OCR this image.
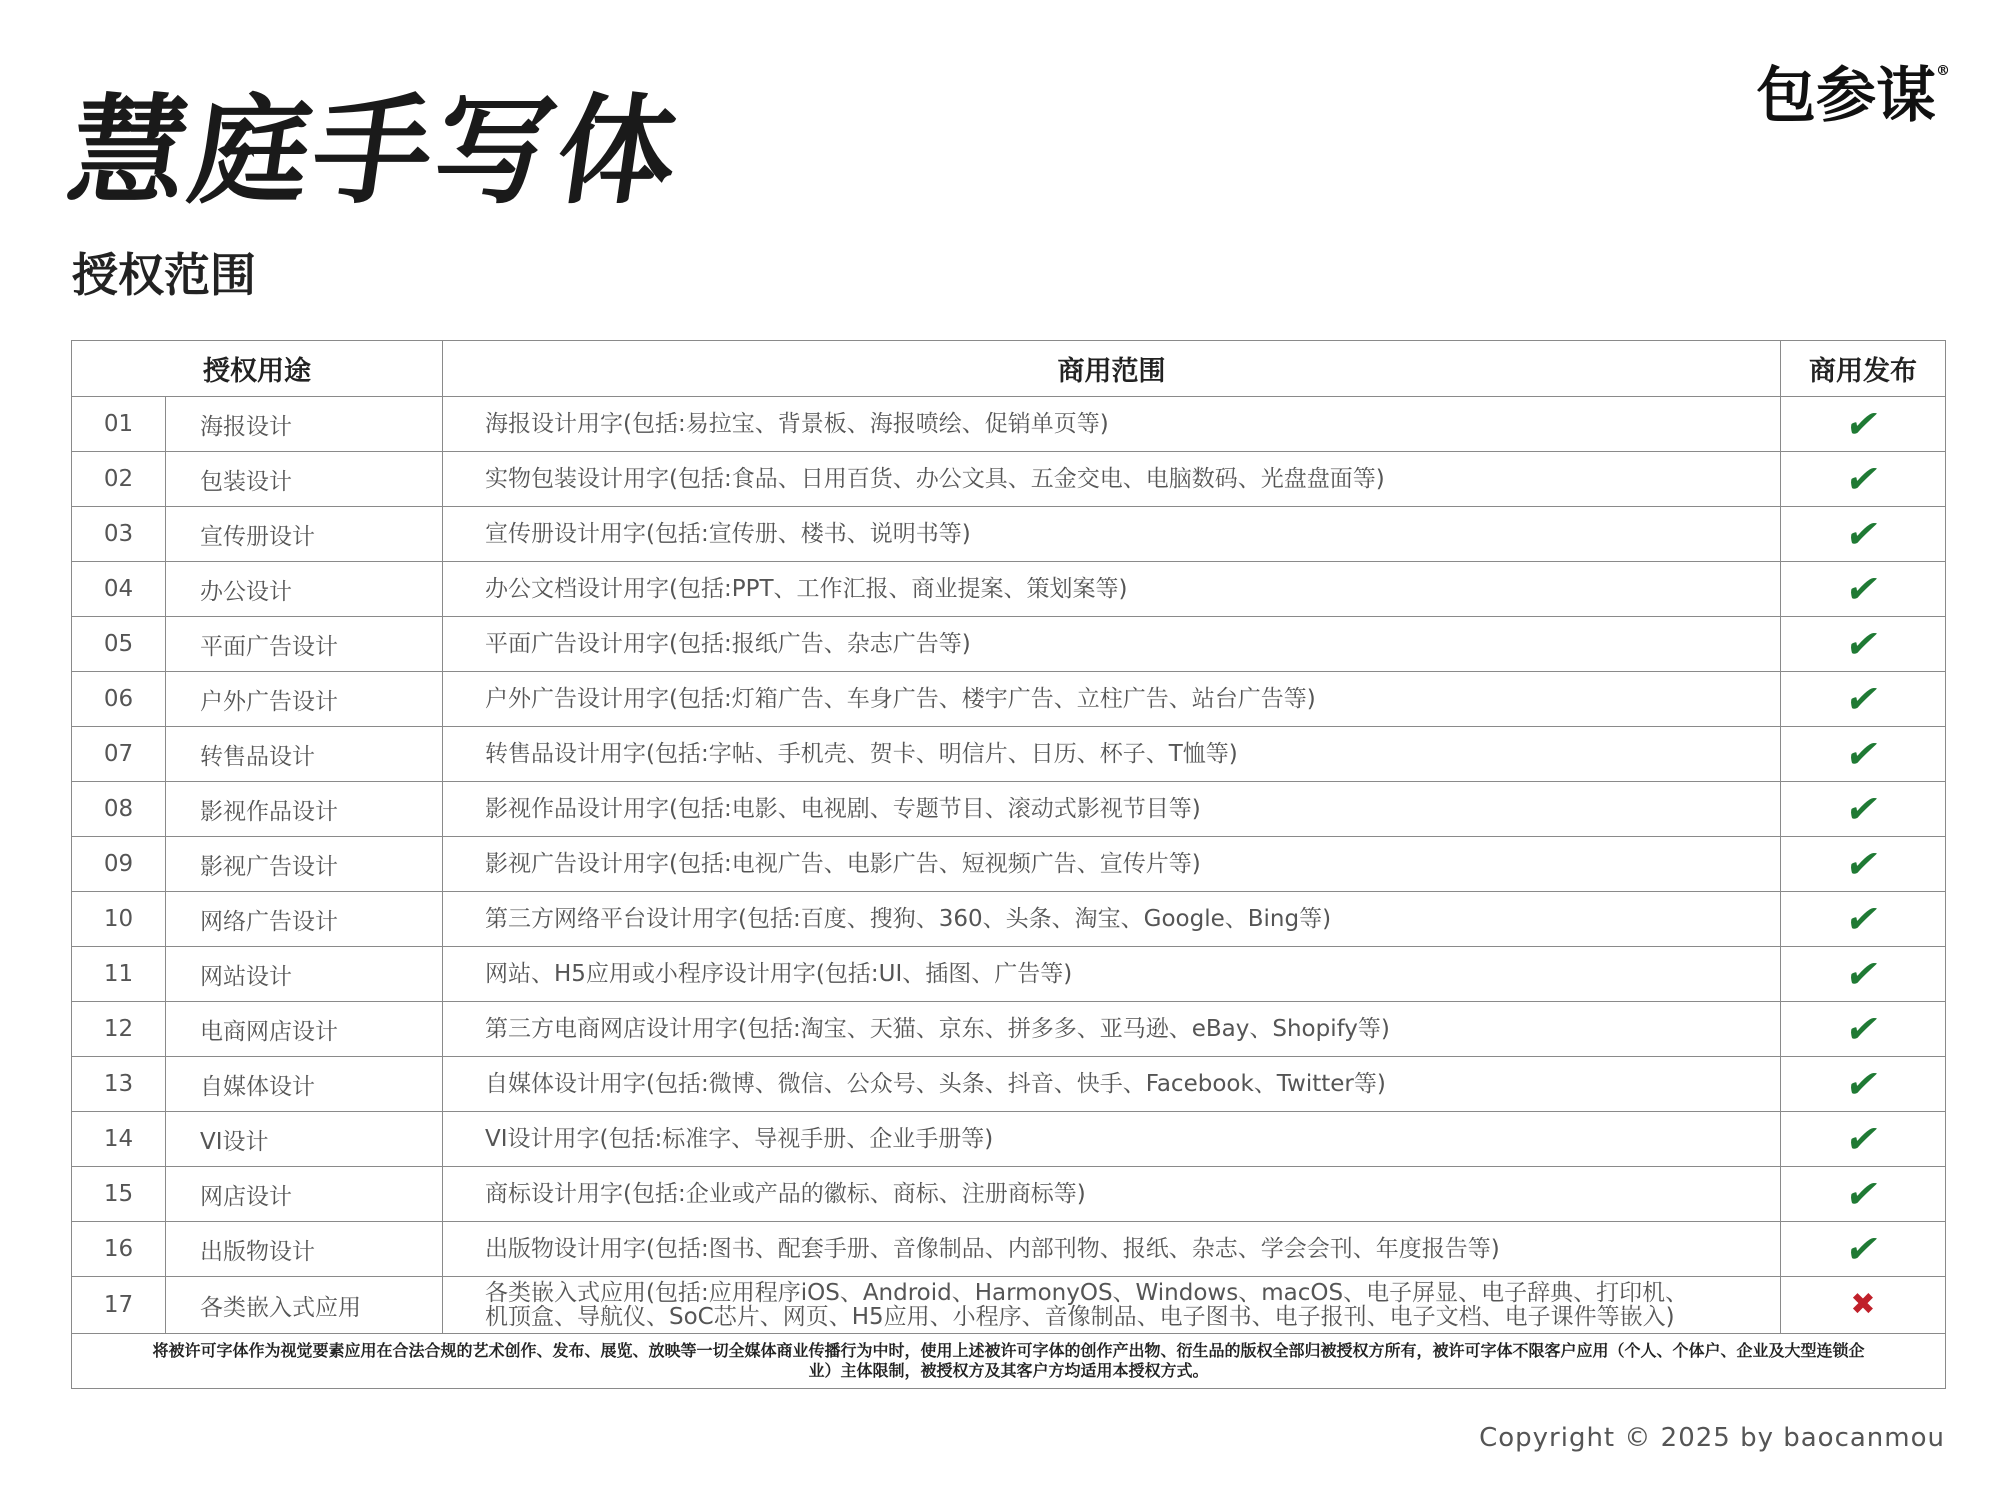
慧庭手写体	包参谋®
授权范围
授权用途		商用范围	商用发布
01	海报设计	海报设计用字(包括:易拉宝、背景板、海报喷绘、促销单页等)	✔
02	包装设计	实物包装设计用字(包括:食品、日用百货、办公文具、五金交电、电脑数码、光盘盘面等)	✔
03	宣传册设计	宣传册设计用字(包括:宣传册、楼书、说明书等)	✔
04	办公设计	办公文档设计用字(包括:PPT、工作汇报、商业提案、策划案等)	✔
05	平面广告设计	平面广告设计用字(包括:报纸广告、杂志广告等)	✔
06	户外广告设计	户外广告设计用字(包括:灯箱广告、车身广告、楼宇广告、立柱广告、站台广告等)	✔
07	转售品设计	转售品设计用字(包括:字帖、手机壳、贺卡、明信片、日历、杯子、T恤等)	✔
08	影视作品设计	影视作品设计用字(包括:电影、电视剧、专题节目、滚动式影视节目等)	✔
09	影视广告设计	影视广告设计用字(包括:电视广告、电影广告、短视频广告、宣传片等)	✔
10	网络广告设计	第三方网络平台设计用字(包括:百度、搜狗、360、头条、淘宝、Google、Bing等)	✔
11	网站设计	网站、H5应用或小程序设计用字(包括:UI、插图、广告等)	✔
12	电商网店设计	第三方电商网店设计用字(包括:淘宝、天猫、京东、拼多多、亚马逊、eBay、Shopify等)	✔
13	自媒体设计	自媒体设计用字(包括:微博、微信、公众号、头条、抖音、快手、Facebook、Twitter等)	✔
14	VI设计	VI设计用字(包括:标准字、导视手册、企业手册等)	✔
15	网店设计	商标设计用字(包括:企业或产品的徽标、商标、注册商标等)	✔
16	出版物设计	出版物设计用字(包括:图书、配套手册、音像制品、内部刊物、报纸、杂志、学会会刊、年度报告等)	✔
17	各类嵌入式应用	各类嵌入式应用(包括:应用程序iOS、Android、HarmonyOS、Windows、macOS、电子屏显、电子辞典、打印机、机顶盒、导航仪、SoC芯片、网页、H5应用、小程序、音像制品、电子图书、电子报刊、电子文档、电子课件等嵌入)	✖
将被许可字体作为视觉要素应用在合法合规的艺术创作、发布、展览、放映等一切全媒体商业传播行为中时，使用上述被许可字体的创作产出物、衍生品的版权全部归被授权方所有，被许可字体不限客户应用（个人、个体户、企业及大型连锁企业）主体限制，被授权方及其客户方均适用本授权方式。			
Copyright © 2025 by baocanmou
